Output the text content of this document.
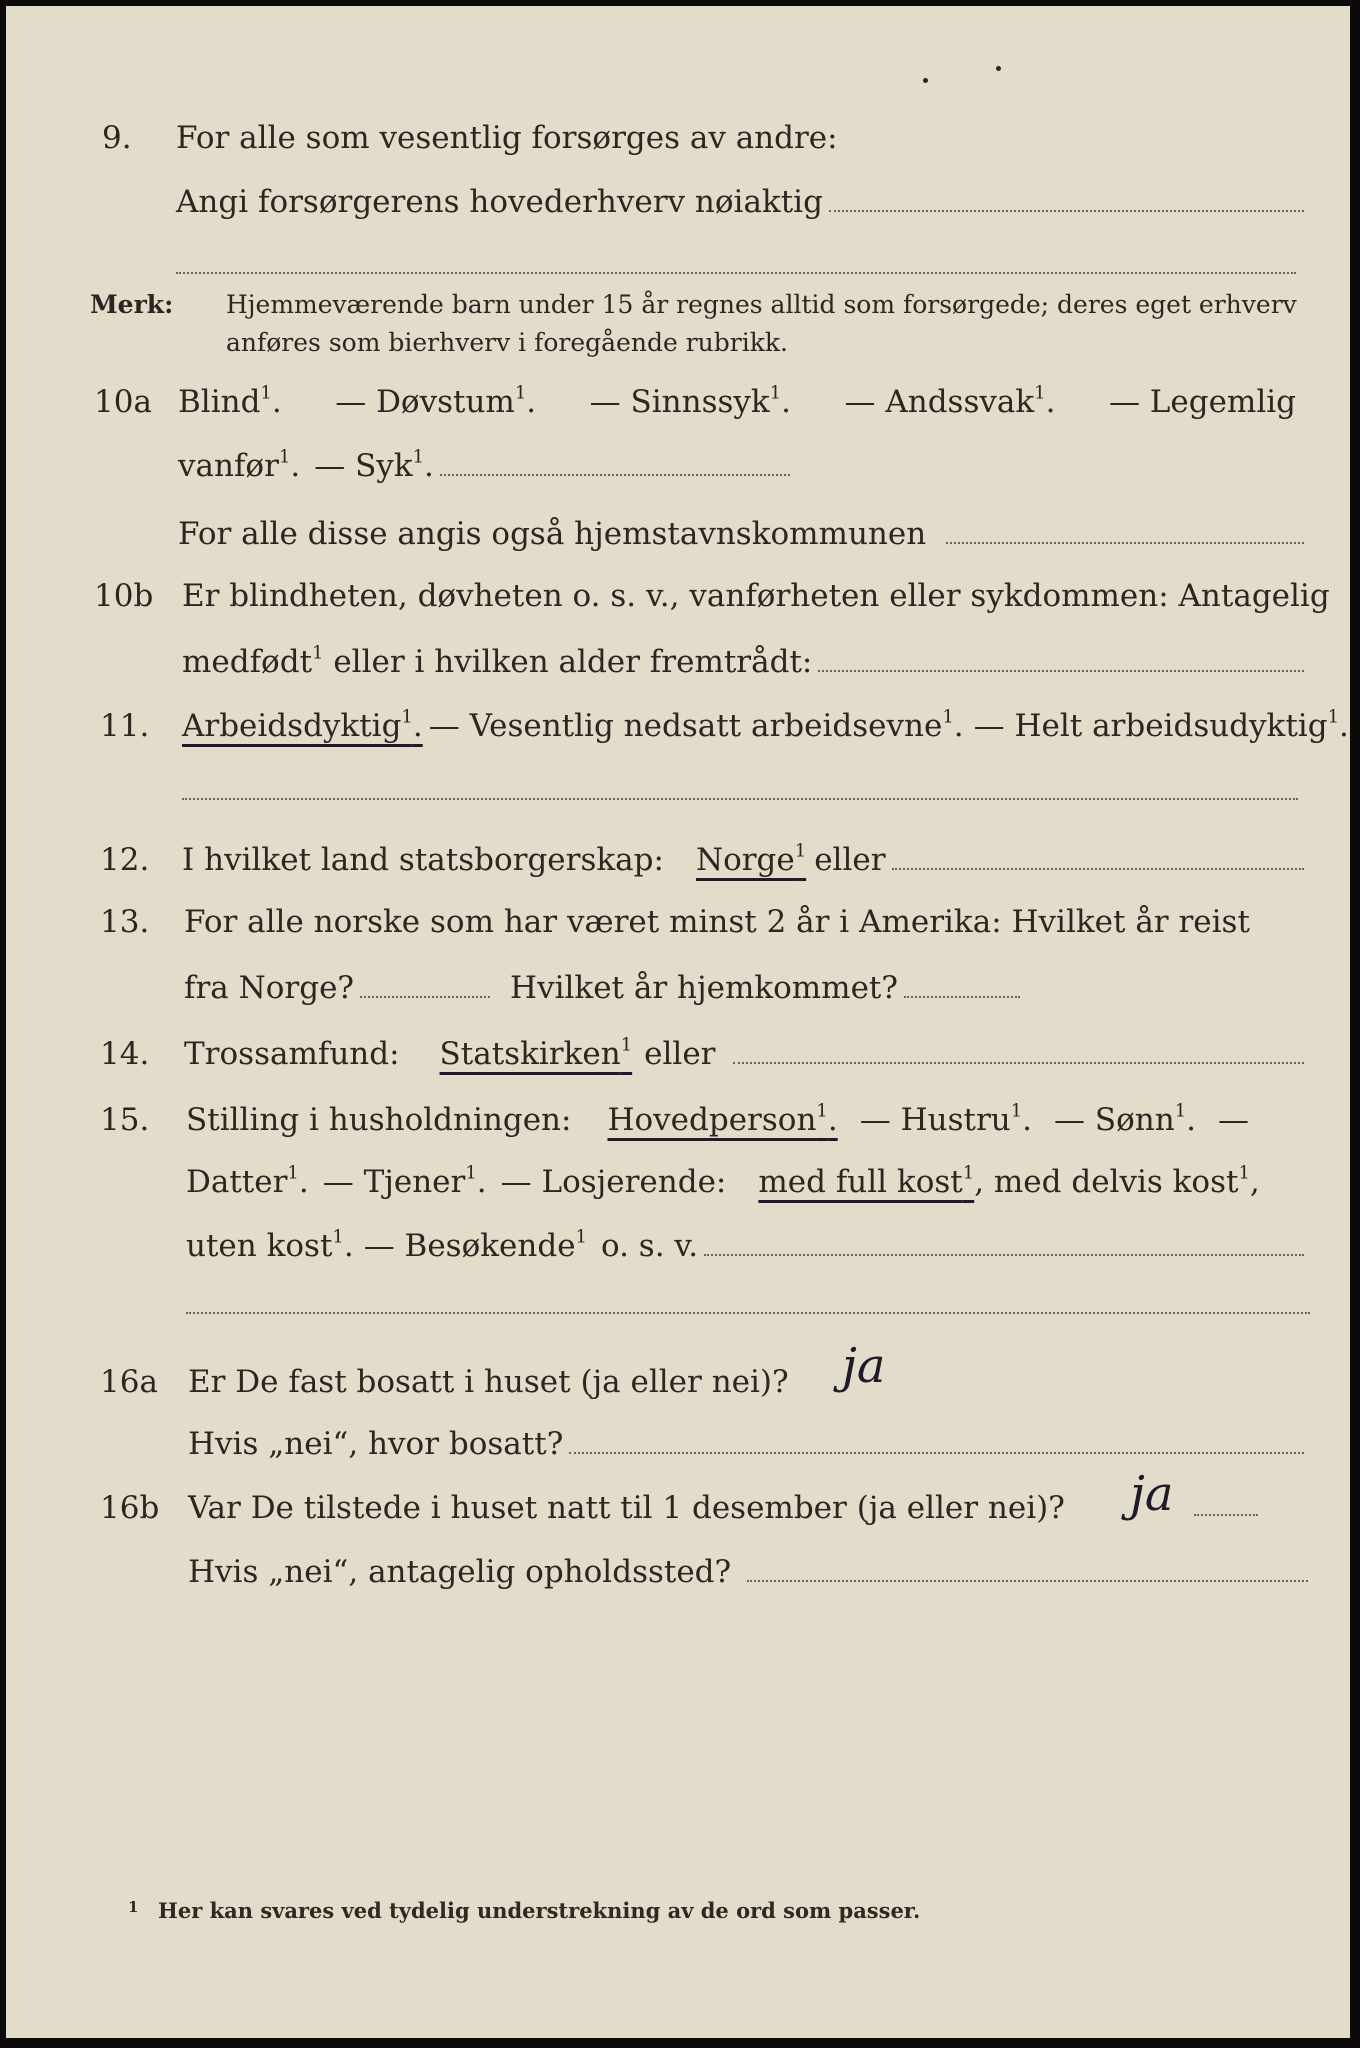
9. For alle som vesentlig forsørges av andre:
Angi forsørgerens hovederhverv nøiaktig
Merk: Hjemmeværende barn under 15 år regnes alltid som forsørgede; deres eget erhverv
anføres som bierhverv i foregående rubrikk.
10a Blind$^1$. — Døvstum$^1$. — Sinnssyk$^1$. — Andssvak$^1$. — Legemlig
vanfør$^1$. — Syk$^1$.
For alle disse angis også hjemstavnskommunen
10b Er blindheten, døvheten o. s. v., vanførheten eller sykdommen: Antagelig
medfødt$^1$ eller i hvilken alder fremtrådt:
11. Arbeidsdyktig$^1$. — Vesentlig nedsatt arbeidsevne$^1$. — Helt arbeidsudyktig$^1$.
12. I hvilket land statsborgerskap: Norge$^1$ eller
13. For alle norske som har været minst 2 år i Amerika: Hvilket år reist
fra Norge?	Hvilket år hjemkommet?
14. Trossamfund: Statskirken$^1$ eller
15. Stilling i husholdningen: Hovedperson$^1$. — Hustru$^1$. — Sønn$^1$. —
Datter$^1$. — Tjener$^1$. — Losjerende: med full kost$^1$ , med delvis kost$^1$,
uten kost$^1$. — Besøkende$^1$ o. s. v.
16a Er De fast bosatt i huset (ja eller nei)? ja
Hvis „nei“, hvor bosatt?
16b Var De tilstede i huset natt til 1 desember (ja eller nei)? ja
Hvis „nei“, antagelig opholdssted?
1 Her kan svares ved tydelig understrekning av de ord som passer.
